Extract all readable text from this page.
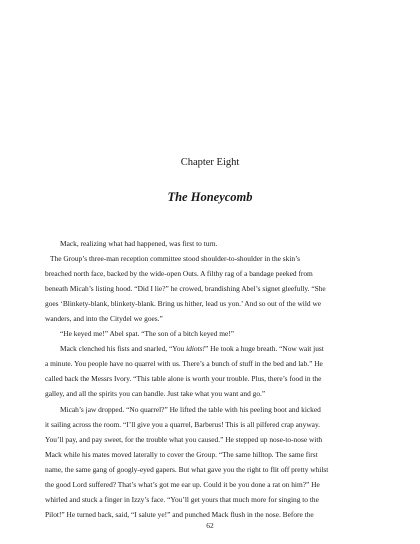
Chapter Eight
The Honeycomb
Mack, realizing what had happened, was first to turn.
The Group’s three-man reception committee stood shoulder-to-shoulder in the skin’s
breached north face, backed by the wide-open Outs. A filthy rag of a bandage peeked from
beneath Micah’s listing hood. “Did I lie?” he crowed, brandishing Abel’s signet gleefully. “She
goes ‘Blinkety-blank, blinkety-blank. Bring us hither, lead us yon.’ And so out of the wild we
wanders, and into the Citydel we goes.”
“He keyed me!” Abel spat. “The son of a bitch keyed me!”
Mack clenched his fists and snarled, “You idiots!” He took a huge breath. “Now wait just
a minute. You people have no quarrel with us. There’s a bunch of stuff in the bed and lab.” He
called back the Messrs Ivory. “This table alone is worth your trouble. Plus, there’s food in the
galley, and all the spirits you can handle. Just take what you want and go.”
Micah’s jaw dropped. “No quarrel?” He lifted the table with his peeling boot and kicked
it sailing across the room. “I’ll give you a quarrel, Barberus! This is all pilfered crap anyway.
You’ll pay, and pay sweet, for the trouble what you caused.” He stepped up nose-to-nose with
Mack while his mates moved laterally to cover the Group. “The same hilltop. The same first
name, the same gang of googly-eyed gapers. But what gave you the right to flit off pretty whilst
the good Lord suffered? That’s what’s got me ear up. Could it be you done a rat on him?” He
whirled and stuck a finger in Izzy’s face. “You’ll get yours that much more for singing to the
Pilot!” He turned back, said, “I salute ye!” and punched Mack flush in the nose. Before the
62
